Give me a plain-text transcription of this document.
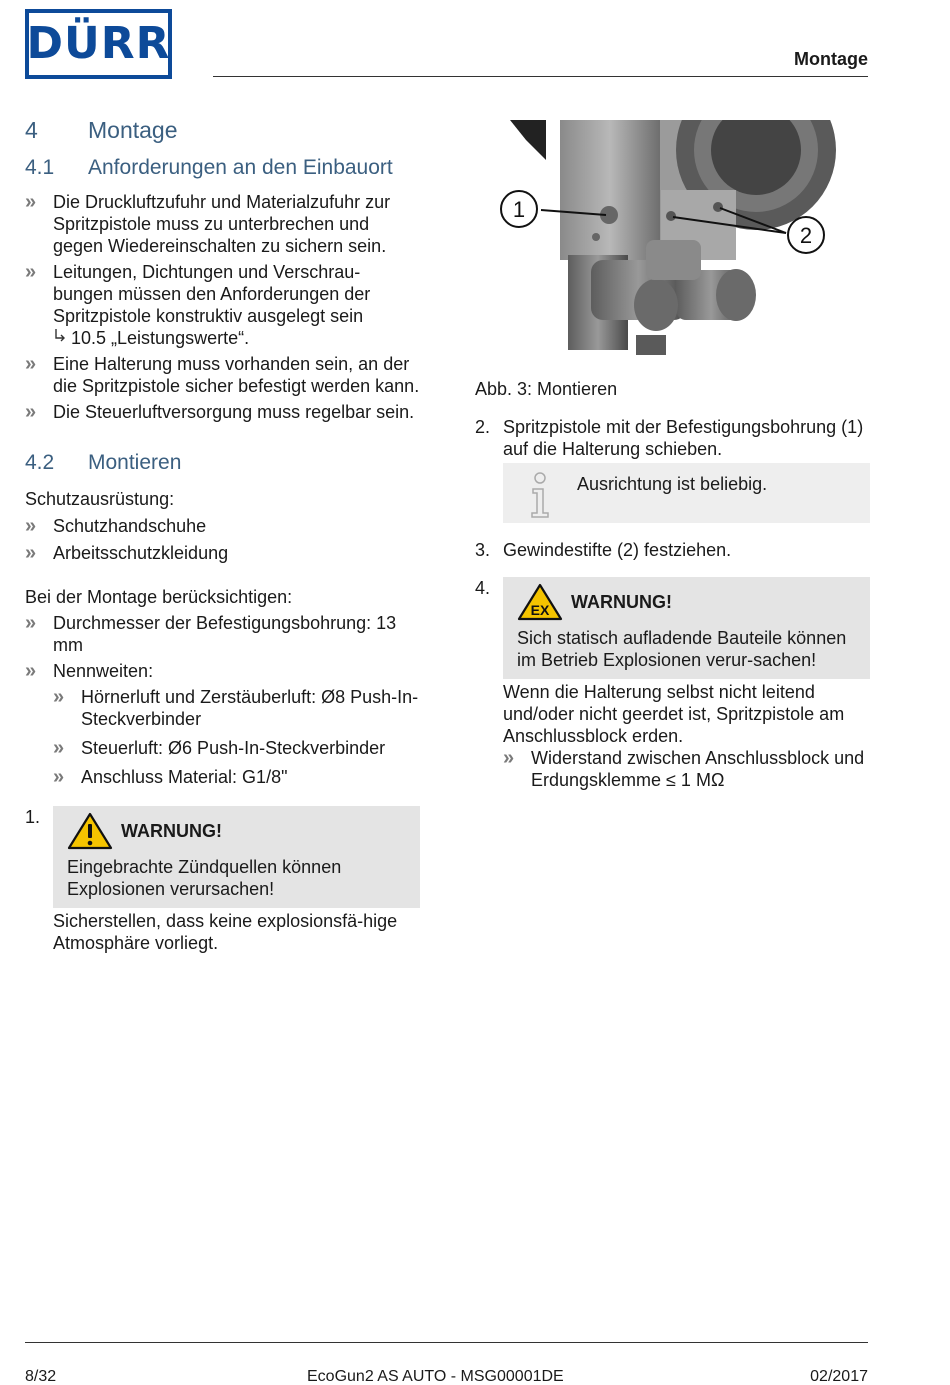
DÜRR	Montage
4	Montage
4.1	Anforderungen an den Einbauort
» Die Druckluftzufuhr und Materialzufuhr zur Spritzpistole muss zu unterbrechen und gegen Wiedereinschalten zu sichern sein.
» Leitungen, Dichtungen und Verschrau-bungen müssen den Anforderungen der Spritzpistole konstruktiv ausgelegt sein
10.5 „Leistungswerte“.
» Eine Halterung muss vorhanden sein, an der die Spritzpistole sicher befestigt werden kann.
» Die Steuerluftversorgung muss regelbar sein.
4.2	Montieren
Schutzausrüstung:
» Schutzhandschuhe
» Arbeitsschutzkleidung
Bei der Montage berücksichtigen:
» Durchmesser der Befestigungsbohrung: 13 mm
» Nennweiten:
» Hörnerluft und Zerstäuberluft: Ø8 Push-In-Steckverbinder
» Steuerluft: Ø6 Push-In-Steckverbinder
» Anschluss Material: G1/8"
1.
WARNUNG!
Eingebrachte Zündquellen können Explosionen verursachen!
Sicherstellen, dass keine explosionsfä-hige Atmosphäre vorliegt.
1
2
Abb. 3: Montieren
2. Spritzpistole mit der Befestigungsbohrung (1) auf die Halterung schieben.
Ausrichtung ist beliebig.
3. Gewindestifte (2) festziehen.
4.
EX WARNUNG!
Sich statisch aufladende Bauteile können im Betrieb Explosionen verur-sachen!
Wenn die Halterung selbst nicht leitend und/oder nicht geerdet ist, Spritzpistole am Anschlussblock erden.
» Widerstand zwischen Anschlussblock und Erdungsklemme ≤ 1 MΩ
8/32	EcoGun2 AS AUTO - MSG00001DE	02/2017
